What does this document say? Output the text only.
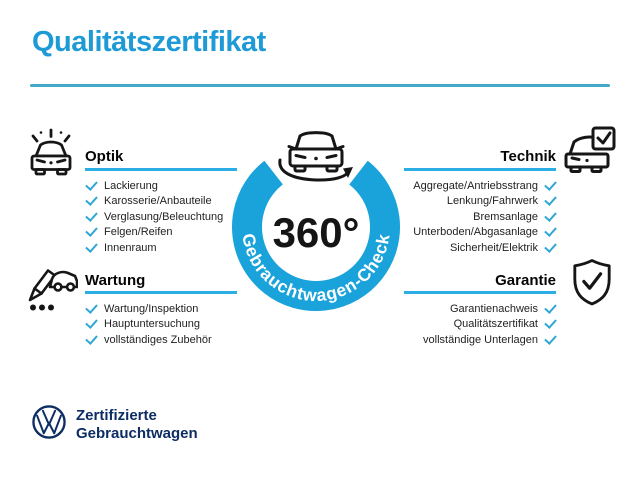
Qualitätszertifikat
Optik
Lackierung
Karosserie/Anbauteile
Verglasung/Beleuchtung
Felgen/Reifen
Innenraum
Technik
Aggregate/Antriebsstrang
Lenkung/Fahrwerk
Bremsanlage
Unterboden/Abgasanlage
Sicherheit/Elektrik
Wartung
Wartung/Inspektion
Hauptuntersuchung
vollständiges Zubehör
Garantie
Garantienachweis
Qualitätszertifikat
vollständige Unterlagen
Gebrauchtwagen-Check
360°
Zertifizierte
Gebrauchtwagen
